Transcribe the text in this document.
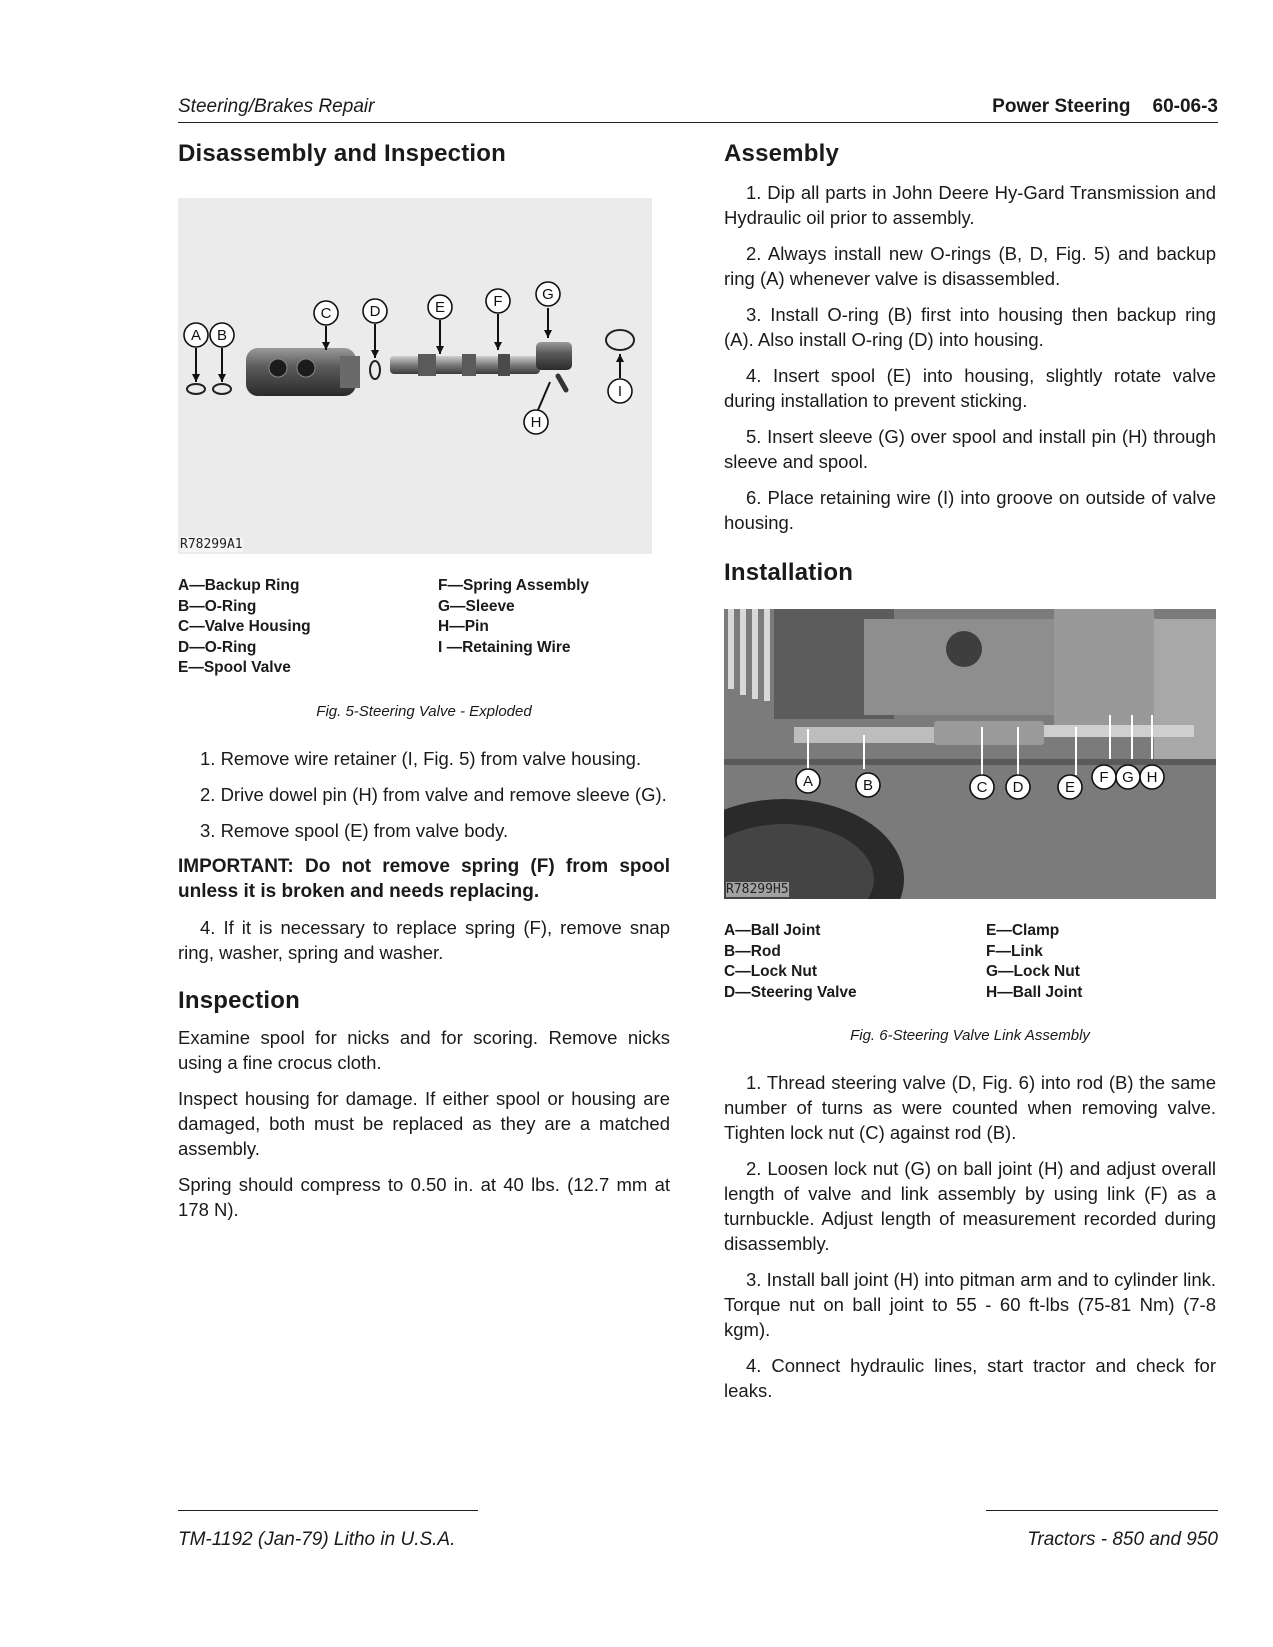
Steering/Brakes Repair	Power Steering 60-06-3
Disassembly and Inspection
A B
C	D	E	F	G
H
I
R78299A1
A—Backup Ring	F—Spring Assembly
B—O-Ring	G—Sleeve
C—Valve Housing	H—Pin
D—O-Ring	I —Retaining Wire
E—Spool Valve
Fig. 5-Steering Valve - Exploded

1. Remove wire retainer (I, Fig. 5) from valve housing.

2. Drive dowel pin (H) from valve and remove sleeve (G).

3. Remove spool (E) from valve body.

IMPORTANT: Do not remove spring (F) from spool unless it is broken and needs replacing.

4. If it is necessary to replace spring (F), remove snap ring, washer, spring and washer.

Inspection

Examine spool for nicks and for scoring. Remove nicks using a fine crocus cloth.

Inspect housing for damage. If either spool or housing are damaged, both must be replaced as they are a matched assembly.

Spring should compress to 0.50 in. at 40 lbs. (12.7 mm at 178 N).

Assembly

1. Dip all parts in John Deere Hy-Gard Transmission and Hydraulic oil prior to assembly.

2. Always install new O-rings (B, D, Fig. 5) and backup ring (A) whenever valve is disassembled.

3. Install O-ring (B) first into housing then backup ring (A). Also install O-ring (D) into housing.

4. Insert spool (E) into housing, slightly rotate valve during installation to prevent sticking.

5. Insert sleeve (G) over spool and install pin (H) through sleeve and spool.

6. Place retaining wire (I) into groove on outside of valve housing.

Installation
A	B	C D	E
F G H
R78299H5
A—Ball Joint	E—Clamp
B—Rod	F—Link
C—Lock Nut	G—Lock Nut
D—Steering Valve	H—Ball Joint
Fig. 6-Steering Valve Link Assembly

1. Thread steering valve (D, Fig. 6) into rod (B) the same number of turns as were counted when removing valve. Tighten lock nut (C) against rod (B).

2. Loosen lock nut (G) on ball joint (H) and adjust overall length of valve and link assembly by using link (F) as a turnbuckle. Adjust length of measurement recorded during disassembly.

3. Install ball joint (H) into pitman arm and to cylinder link. Torque nut on ball joint to 55 - 60 ft-lbs (75-81 Nm) (7-8 kgm).

4. Connect hydraulic lines, start tractor and check for leaks.

TM-1192 (Jan-79) Litho in U.S.A.	Tractors - 850 and 950
